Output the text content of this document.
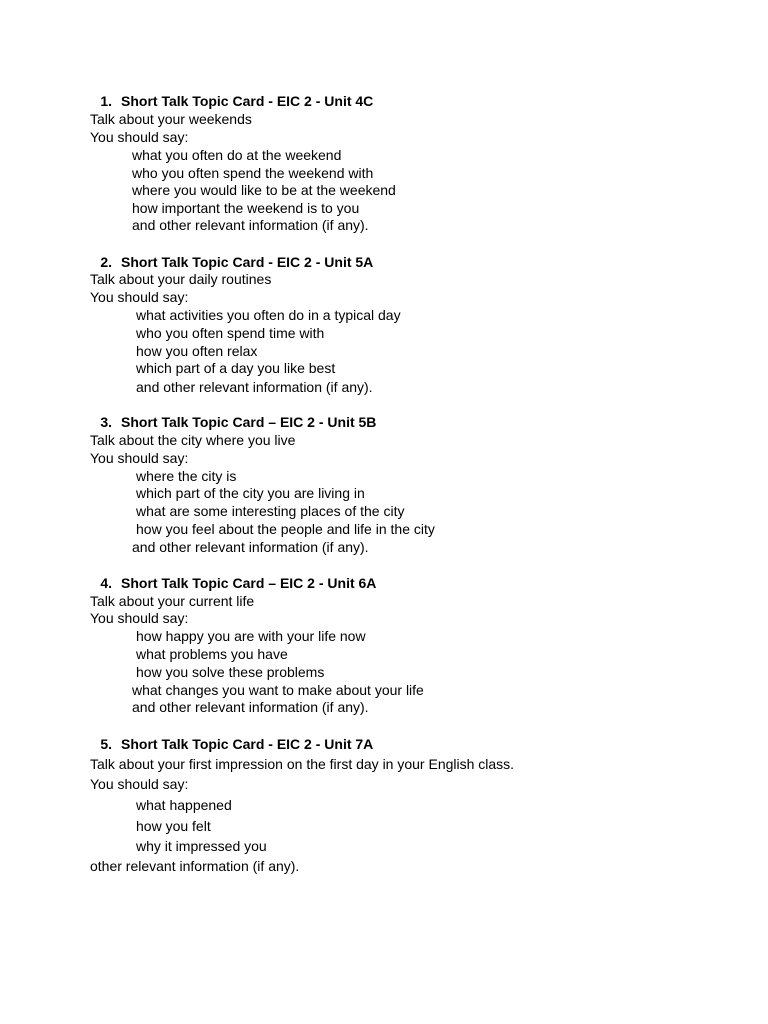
1. Short Talk Topic Card - EIC 2 - Unit 4C
Talk about your weekends
You should say:
what you often do at the weekend
who you often spend the weekend with
where you would like to be at the weekend
how important the weekend is to you
and other relevant information (if any).
2. Short Talk Topic Card - EIC 2 - Unit 5A
Talk about your daily routines
You should say:
what activities you often do in a typical day
who you often spend time with
how you often relax
which part of a day you like best
and other relevant information (if any).
3. Short Talk Topic Card – EIC 2 - Unit 5B
Talk about the city where you live
You should say:
where the city is
which part of the city you are living in
what are some interesting places of the city
how you feel about the people and life in the city
and other relevant information (if any).
4. Short Talk Topic Card – EIC 2 - Unit 6A
Talk about your current life
You should say:
how happy you are with your life now
what problems you have
how you solve these problems
what changes you want to make about your life
and other relevant information (if any).
5. Short Talk Topic Card - EIC 2 - Unit 7A
Talk about your first impression on the first day in your English class.
You should say:
what happened
how you felt
why it impressed you
other relevant information (if any).
